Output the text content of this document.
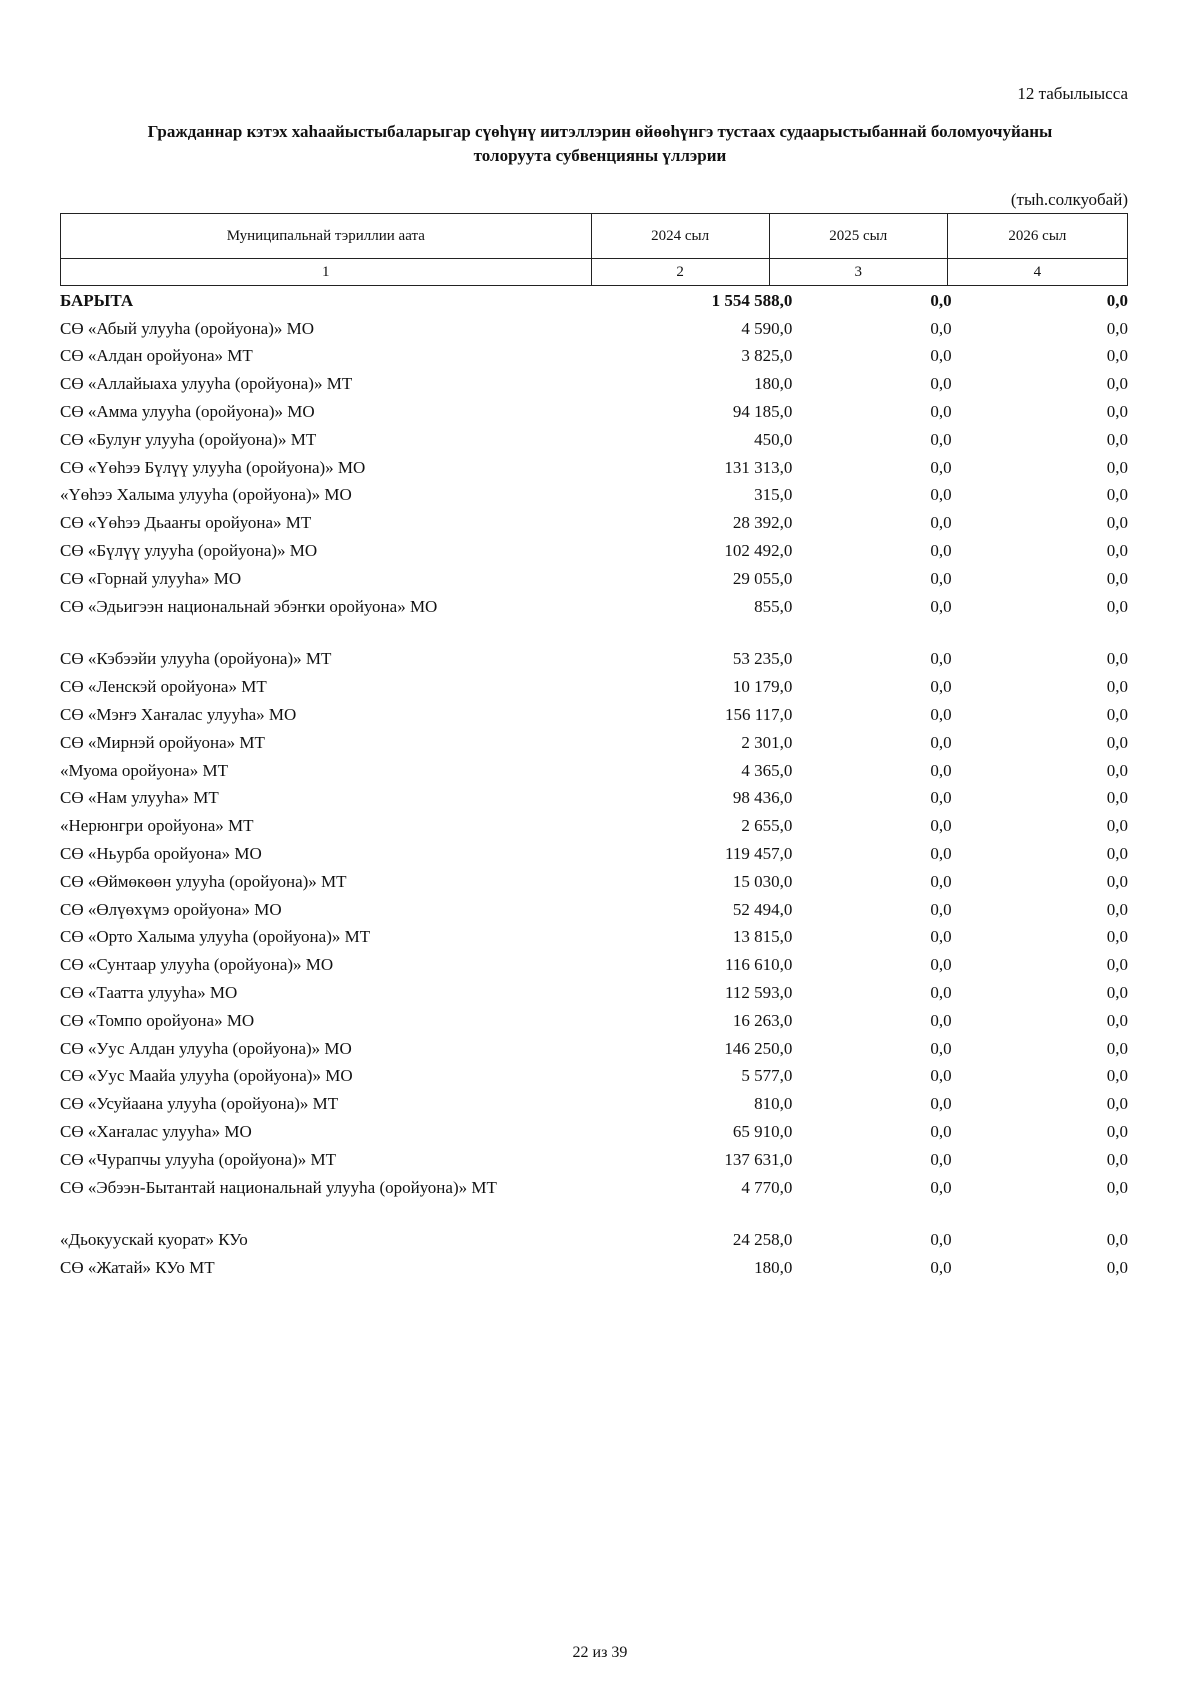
12 табылыысса
Гражданнар кэтэх хаhаайыстыбаларыгар сүөhүнү иитэллэрин өйөөhүнгэ тустаах судаарыстыбаннай боломуочуйаны
толоруута субвенцияны үллэрии
(тыh.солкуобай)
Муниципальнай тэриллии аата	2024 сыл	2025 сыл	2026 сыл
1	2	3	4
БАРЫТА	1 554 588,0	0,0	0,0
СӨ «Абый улууhа (оройуона)» МО	4 590,0	0,0	0,0
СӨ «Алдан оройуона» МТ	3 825,0	0,0	0,0
СӨ «Аллайыаха улууhа (оройуона)» МТ	180,0	0,0	0,0
СӨ «Амма улууhа (оройуона)» МО	94 185,0	0,0	0,0
СӨ «Булуҥ улууhа (оройуона)» МТ	450,0	0,0	0,0
СӨ «Үөhээ Бүлүү улууhа (оройуона)» МО	131 313,0	0,0	0,0
«Үөhээ Халыма улууhа (оройуона)» МО	315,0	0,0	0,0
СӨ «Үөhээ Дьааҥы оройуона» МТ	28 392,0	0,0	0,0
СӨ «Бүлүү улууhа (оройуона)» МО	102 492,0	0,0	0,0
СӨ «Горнай улууhа» МО	29 055,0	0,0	0,0
СӨ «Эдьигээн национальнай эбэҥки оройуона» МО	855,0	0,0	0,0
СӨ «Кэбээйи улууhа (оройуона)» МТ	53 235,0	0,0	0,0
СӨ «Ленскэй оройуона» МТ	10 179,0	0,0	0,0
СӨ «Мэҥэ Хаҥалас улууhа» МО	156 117,0	0,0	0,0
СӨ «Мирнэй оройуона» МТ	2 301,0	0,0	0,0
«Муома оройуона» МТ	4 365,0	0,0	0,0
СӨ «Нам улууhа» МТ	98 436,0	0,0	0,0
«Нерюнгри оройуона» МТ	2 655,0	0,0	0,0
СӨ «Ньурба оройуона» МО	119 457,0	0,0	0,0
СӨ «Өймөкөөн улууhа (оройуона)» МТ	15 030,0	0,0	0,0
СӨ «Өлүөхүмэ оройуона» МО	52 494,0	0,0	0,0
СӨ «Орто Халыма улууhа (оройуона)» МТ	13 815,0	0,0	0,0
СӨ «Сунтаар улууhа (оройуона)» МО	116 610,0	0,0	0,0
СӨ «Таатта улууhа» МО	112 593,0	0,0	0,0
СӨ «Томпо оройуона» МО	16 263,0	0,0	0,0
СӨ «Уус Алдан улууhа (оройуона)» МО	146 250,0	0,0	0,0
СӨ «Уус Маайа улууhа (оройуона)» МО	5 577,0	0,0	0,0
СӨ «Усуйаана улууhа (оройуона)» МТ	810,0	0,0	0,0
СӨ «Хаҥалас улууhа» МО	65 910,0	0,0	0,0
СӨ «Чурапчы улууhа (оройуона)» МТ	137 631,0	0,0	0,0
СӨ «Эбээн-Бытантай национальнай улууhа (оройуона)» МТ	4 770,0	0,0	0,0
«Дьокуускай куорат» КУо	24 258,0	0,0	0,0
СӨ «Жатай» КУо МТ	180,0	0,0	0,0
22 из 39
